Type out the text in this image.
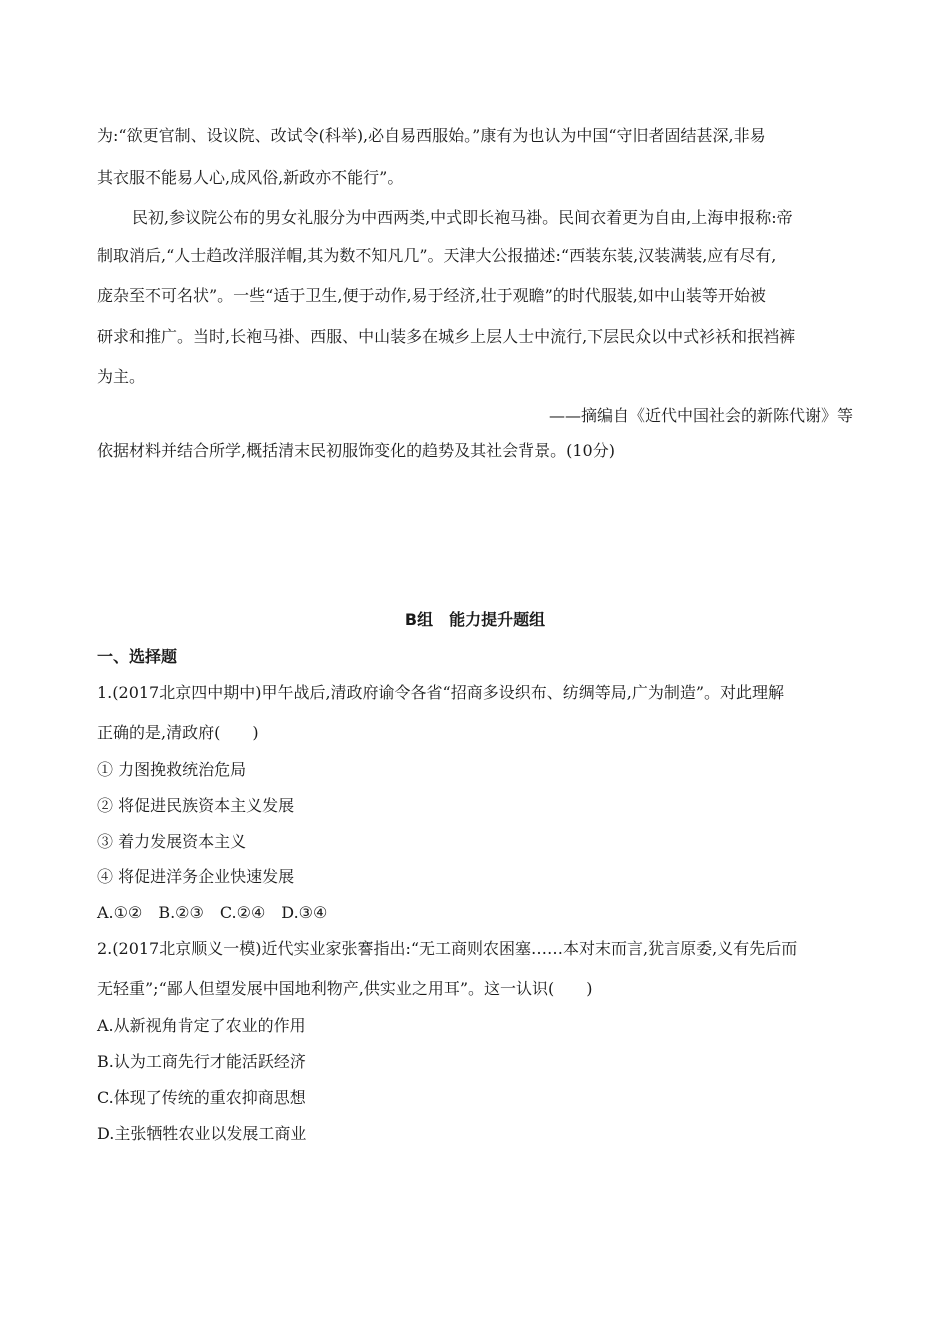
为:“欲更官制、设议院、改试令(科举),必自易西服始。”康有为也认为中国“守旧者固结甚深,非易
其衣服不能易人心,成风俗,新政亦不能行”。
民初,参议院公布的男女礼服分为中西两类,中式即长袍马褂。民间衣着更为自由,上海申报称:帝
制取消后,“人士趋改洋服洋帽,其为数不知凡几”。天津大公报描述:“西装东装,汉装满装,应有尽有,
庞杂至不可名状”。一些“适于卫生,便于动作,易于经济,壮于观瞻”的时代服装,如中山装等开始被
研求和推广。当时,长袍马褂、西服、中山装多在城乡上层人士中流行,下层民众以中式衫袄和抿裆裤
为主。
——摘编自《近代中国社会的新陈代谢》等
依据材料并结合所学,概括清末民初服饰变化的趋势及其社会背景。(10分)
B组　能力提升题组
一、选择题
1.(2017北京四中期中)甲午战后,清政府谕令各省“招商多设织布、纺绸等局,广为制造”。对此理解
正确的是,清政府(　　)
① 力图挽救统治危局
② 将促进民族资本主义发展
③ 着力发展资本主义
④ 将促进洋务企业快速发展
A.①②　B.②③　C.②④　D.③④
2.(2017北京顺义一模)近代实业家张謇指出:“无工商则农困塞……本对末而言,犹言原委,义有先后而
无轻重”;“鄙人但望发展中国地利物产,供实业之用耳”。这一认识(　　)
A.从新视角肯定了农业的作用
B.认为工商先行才能活跃经济
C.体现了传统的重农抑商思想
D.主张牺牲农业以发展工商业
